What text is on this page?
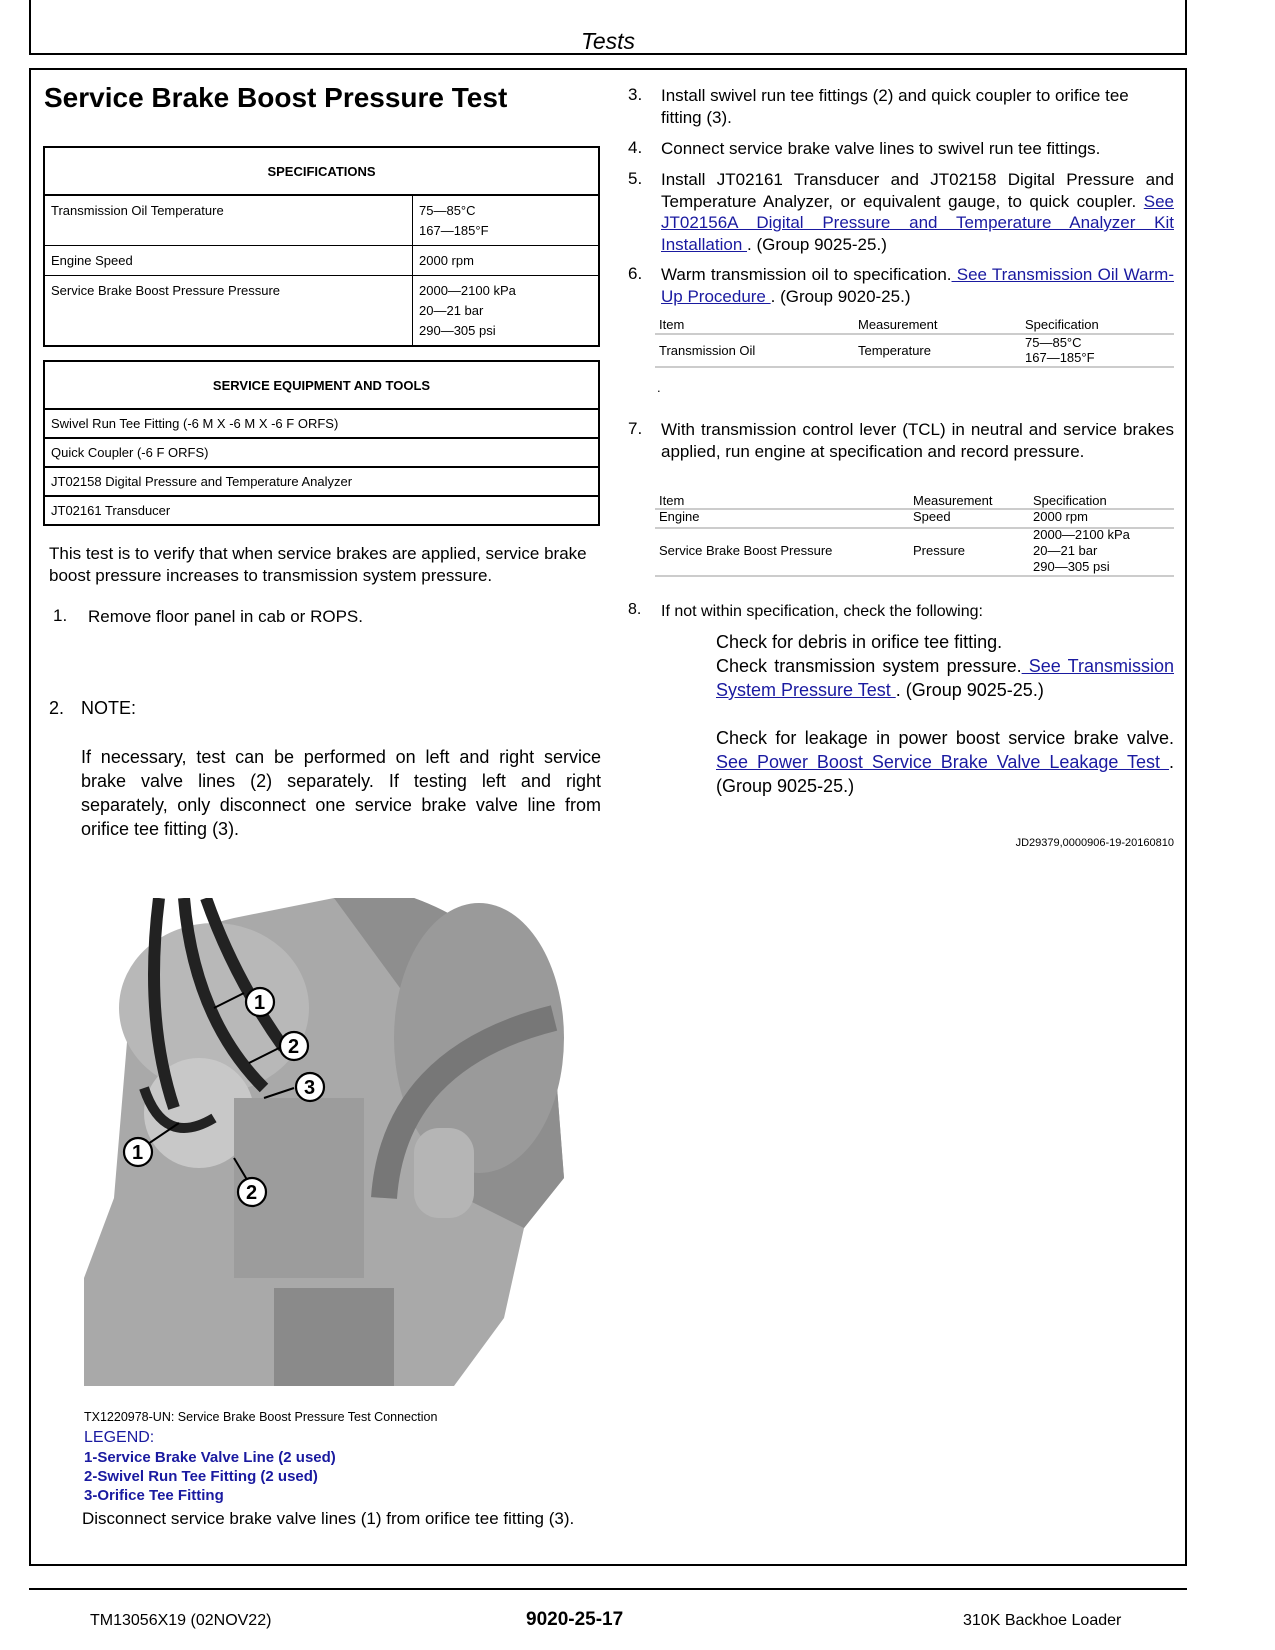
Tests
Service Brake Boost Pressure Test
SPECIFICATIONS	
Transmission Oil Temperature	75—85°C
167—185°F

Engine Speed	2000 rpm

Service Brake Boost Pressure Pressure	2000—2100 kPa
20—21 bar
290—305 psi
SERVICE EQUIPMENT AND TOOLS
Swivel Run Tee Fitting (-6 M X -6 M X -6 F ORFS)
Quick Coupler (-6 F ORFS)
JT02158 Digital Pressure and Temperature Analyzer
JT02161 Transducer
This test is to verify that when service brakes are applied, service brake boost pressure increases to transmission system pressure.
1. Remove floor panel in cab or ROPS.
2. NOTE:
If necessary, test can be performed on left and right service brake valve lines (2) separately. If testing left and right separately, only disconnect one service brake valve line from orifice tee fitting (3).
1
2
3
1
2
TX1220978-UN: Service Brake Boost Pressure Test Connection
LEGEND:
1-Service Brake Valve Line (2 used)
2-Swivel Run Tee Fitting (2 used)
3-Orifice Tee Fitting
Disconnect service brake valve lines (1) from orifice tee fitting (3).
3. Install swivel run tee fittings (2) and quick coupler to orifice tee fitting (3).
4. Connect service brake valve lines to swivel run tee fittings.
5. Install JT02161 Transducer and JT02158 Digital Pressure and Temperature Analyzer, or equivalent gauge, to quick coupler. See JT02156A Digital Pressure and Temperature Analyzer Kit Installation . (Group 9025-25.)
6. Warm transmission oil to specification. See Transmission Oil Warm-Up Procedure . (Group 9020-25.)
Item	Measurement	Specification
Transmission Oil	Temperature
75—85°C
167—185°F
.
7. With transmission control lever (TCL) in neutral and service brakes applied, run engine at specification and record pressure.
Item	Measurement	Specification
Engine	Speed	2000 rpm
Service Brake Boost Pressure	Pressure
2000—2100 kPa
20—21 bar
290—305 psi
8. If not within specification, check the following:
Check for debris in orifice tee fitting.
Check transmission system pressure. See Transmission System Pressure Test . (Group 9025-25.)
Check for leakage in power boost service brake valve. See Power Boost Service Brake Valve Leakage Test . (Group 9025-25.)
JD29379,0000906-19-20160810
TM13056X19 (02NOV22)	9020-25-17	310K Backhoe Loader
